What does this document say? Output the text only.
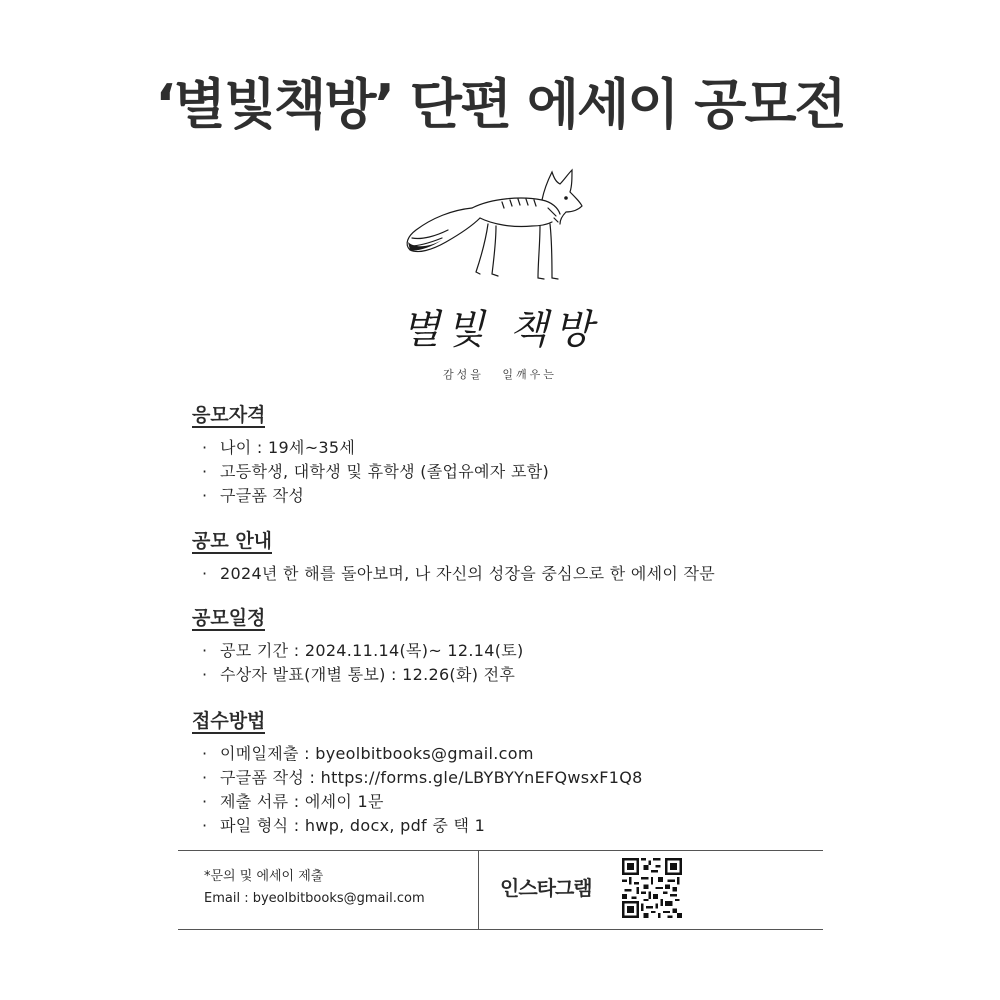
‘별빛책방’ 단편 에세이 공모전
별빛 책방
감성을 일깨우는
응모자격
· 나이 : 19세~35세
· 고등학생, 대학생 및 휴학생 (졸업유예자 포함)
· 구글폼 작성
공모 안내
· 2024년 한 해를 돌아보며, 나 자신의 성장을 중심으로 한 에세이 작문
공모일정
· 공모 기간 : 2024.11.14(목)~ 12.14(토)
· 수상자 발표(개별 통보) : 12.26(화) 전후
접수방법
· 이메일제출 : byeolbitbooks@gmail.com
· 구글폼 작성 : https://forms.gle/LBYBYYnEFQwsxF1Q8
· 제출 서류 : 에세이 1문
· 파일 형식 : hwp, docx, pdf 중 택 1
*문의 및 에세이 제출
Email : byeolbitbooks@gmail.com	인스타그램
